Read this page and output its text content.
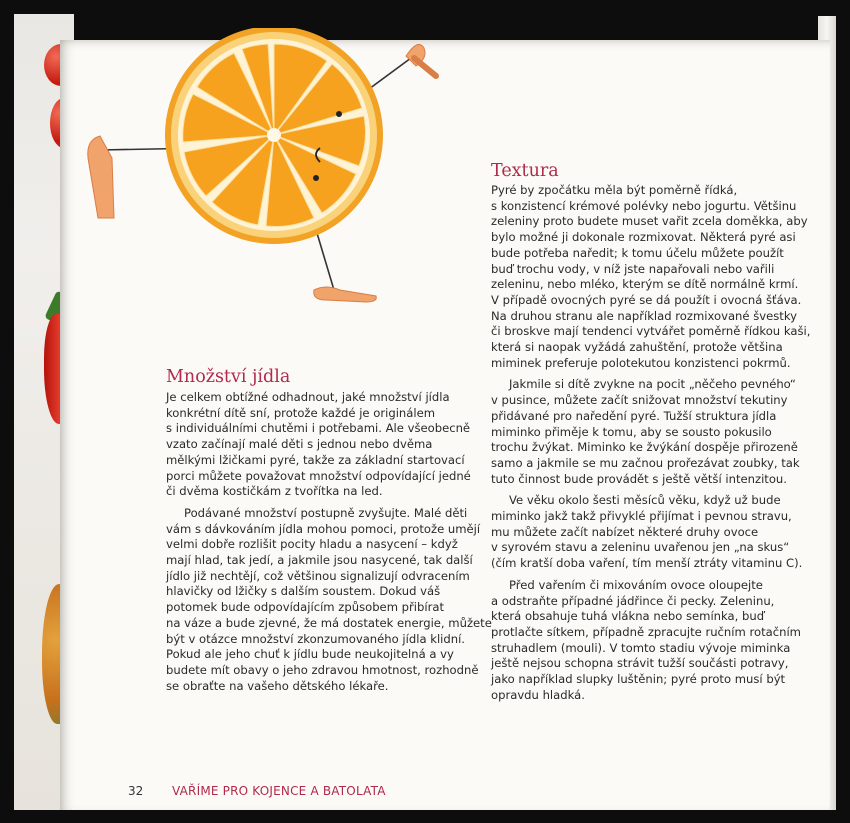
Množství jídla

Je celkem obtížné odhadnout, jaké množství jídla
konkrétní dítě sní, protože každé je originálem
s individuálními chutěmi i potřebami. Ale všeobecně
vzato začínají malé děti s jednou nebo dvěma
mělkými lžičkami pyré, takže za základní startovací
porci můžete považovat množství odpovídající jedné
či dvěma kostičkám z tvořítka na led.

Podávané množství postupně zvyšujte. Malé děti
vám s dávkováním jídla mohou pomoci, protože umějí
velmi dobře rozlišit pocity hladu a nasycení – když
mají hlad, tak jedí, a jakmile jsou nasycené, tak další
jídlo již nechtějí, což většinou signalizují odvracením
hlavičky od lžičky s dalším soustem. Dokud váš
potomek bude odpovídajícím způsobem přibírat
na váze a bude zjevné, že má dostatek energie, můžete
být v otázce množství zkonzumovaného jídla klidní.
Pokud ale jeho chuť k jídlu bude neukojitelná a vy
budete mít obavy o jeho zdravou hmotnost, rozhodně
se obraťte na vašeho dětského lékaře.

Textura

Pyré by zpočátku měla být poměrně řídká,
s konzistencí krémové polévky nebo jogurtu. Většinu
zeleniny proto budete muset vařit zcela doměkka, aby
bylo možné ji dokonale rozmixovat. Některá pyré asi
bude potřeba naředit; k tomu účelu můžete použít
buď trochu vody, v níž jste napařovali nebo vařili
zeleninu, nebo mléko, kterým se dítě normálně krmí.
V případě ovocných pyré se dá použít i ovocná šťáva.
Na druhou stranu ale například rozmixované švestky
či broskve mají tendenci vytvářet poměrně řídkou kaši,
která si naopak vyžádá zahuštění, protože většina
miminek preferuje polotekutou konzistenci pokrmů.

Jakmile si dítě zvykne na pocit „něčeho pevného“
v pusince, můžete začít snižovat množství tekutiny
přidávané pro naředění pyré. Tužší struktura jídla
miminko přiměje k tomu, aby se sousto pokusilo
trochu žvýkat. Miminko ke žvýkání dospěje přirozeně
samo a jakmile se mu začnou prořezávat zoubky, tak
tuto činnost bude provádět s ještě větší intenzitou.

Ve věku okolo šesti měsíců věku, když už bude
miminko jakž takž přivyklé přijímat i pevnou stravu,
mu můžete začít nabízet některé druhy ovoce
v syrovém stavu a zeleninu uvařenou jen „na skus“
(čím kratší doba vaření, tím menší ztráty vitaminu C).

Před vařením či mixováním ovoce oloupejte
a odstraňte případné jádřince či pecky. Zeleninu,
která obsahuje tuhá vlákna nebo semínka, buď
protlačte sítkem, případně zpracujte ručním rotačním
struhadlem (mouli). V tomto stadiu vývoje miminka
ještě nejsou schopna strávit tužší součásti potravy,
jako například slupky luštěnin; pyré proto musí být
opravdu hladká.

32 VAŘÍME PRO KOJENCE A BATOLATA
